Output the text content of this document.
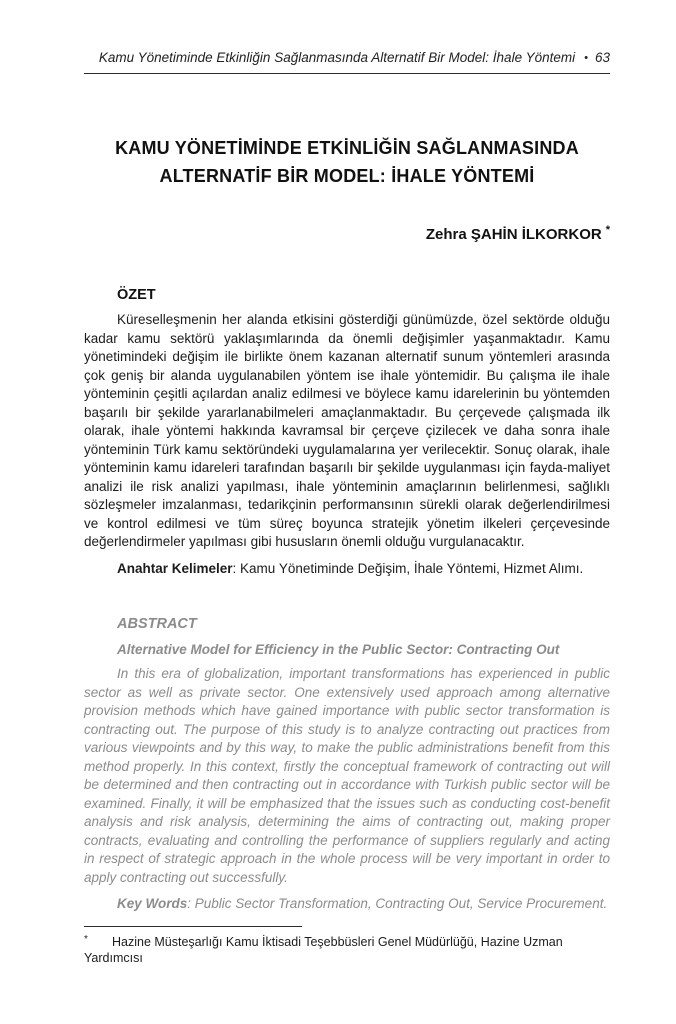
Kamu Yönetiminde Etkinliğin Sağlanmasında Alternatif Bir Model: İhale Yöntemi • 63
KAMU YÖNETİMİNDE ETKİNLİĞİN SAĞLANMASINDA
ALTERNATİF BİR MODEL: İHALE YÖNTEMİ
Zehra ŞAHİN İLKORKOR *
ÖZET

Küreselleşmenin her alanda etkisini gösterdiği günümüzde, özel sektörde olduğu kadar kamu sektörü yaklaşımlarında da önemli değişimler yaşanmaktadır. Kamu yönetimindeki değişim ile birlikte önem kazanan alternatif sunum yöntemleri arasında çok geniş bir alanda uygulanabilen yöntem ise ihale yöntemidir. Bu çalışma ile ihale yönteminin çeşitli açılardan analiz edilmesi ve böylece kamu idarelerinin bu yöntemden başarılı bir şekilde yararlanabilmeleri amaçlanmaktadır. Bu çerçevede çalışmada ilk olarak, ihale yöntemi hakkında kavramsal bir çerçeve çizilecek ve daha sonra ihale yönteminin Türk kamu sektöründeki uygulamalarına yer verilecektir. Sonuç olarak, ihale yönteminin kamu idareleri tarafından başarılı bir şekilde uygulanması için fayda-maliyet analizi ile risk analizi yapılması, ihale yönteminin amaçlarının belirlenmesi, sağlıklı sözleşmeler imzalanması, tedarikçinin performansının sürekli olarak değerlendirilmesi ve kontrol edilmesi ve tüm süreç boyunca stratejik yönetim ilkeleri çerçevesinde değerlendirmeler yapılması gibi hususların önemli olduğu vurgulanacaktır.

Anahtar Kelimeler: Kamu Yönetiminde Değişim, İhale Yöntemi, Hizmet Alımı.

ABSTRACT
Alternative Model for Efficiency in the Public Sector: Contracting Out

In this era of globalization, important transformations has experienced in public sector as well as private sector. One extensively used approach among alternative provision methods which have gained importance with public sector transformation is contracting out. The purpose of this study is to analyze contracting out practices from various viewpoints and by this way, to make the public administrations benefit from this method properly. In this context, firstly the conceptual framework of contracting out will be determined and then contracting out in accordance with Turkish public sector will be examined. Finally, it will be emphasized that the issues such as conducting cost-benefit analysis and risk analysis, determining the aims of contracting out, making proper contracts, evaluating and controlling the performance of suppliers regularly and acting in respect of strategic approach in the whole process will be very important in order to apply contracting out successfully.

Key Words: Public Sector Transformation, Contracting Out, Service Procurement.

* Hazine Müsteşarlığı Kamu İktisadi Teşebbüsleri Genel Müdürlüğü, Hazine Uzman Yardımcısı
